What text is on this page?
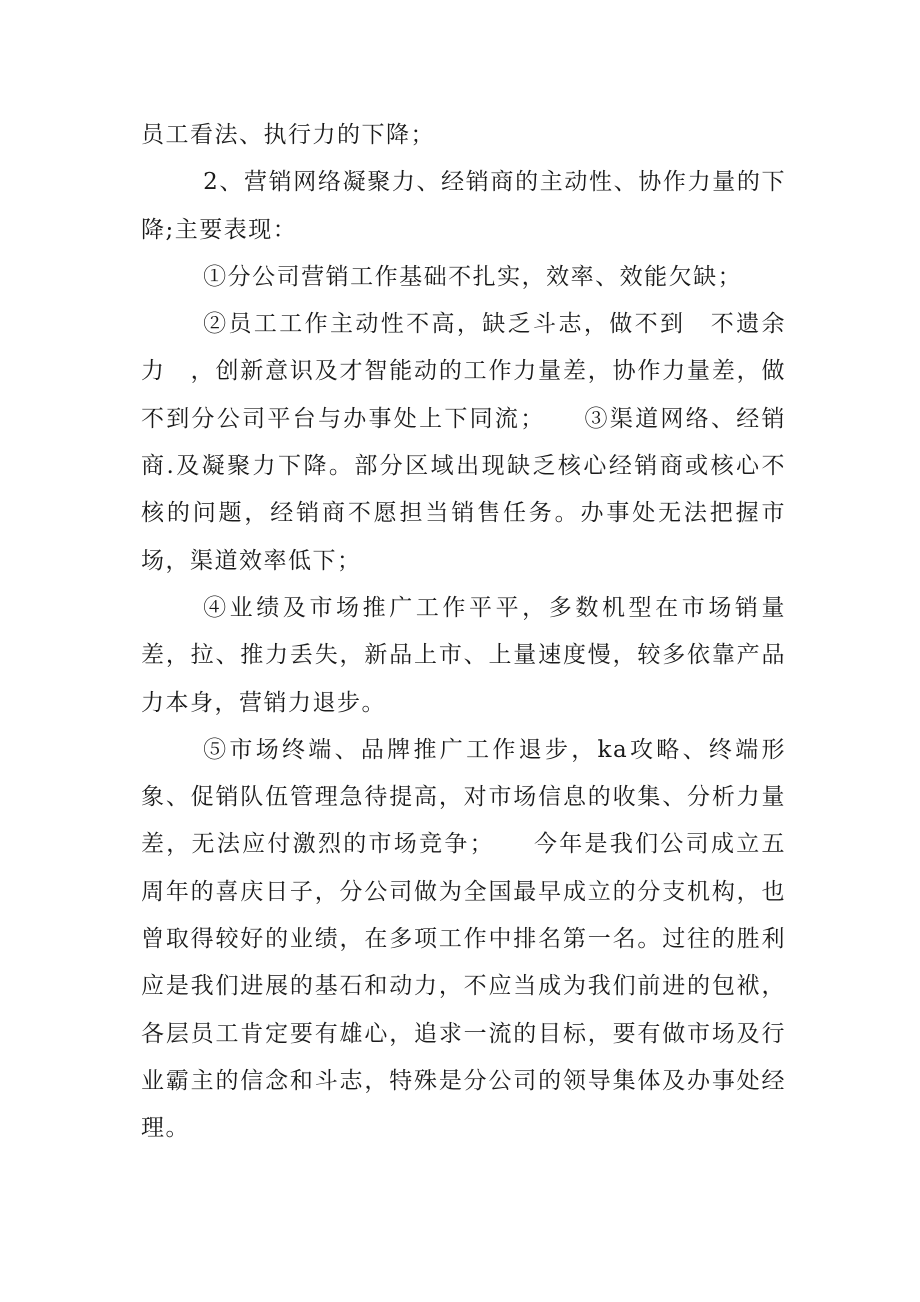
员工看法、执行力的下降；

2、营销网络凝聚力、经销商的主动性、协作力量的下降;主要表现：

①分公司营销工作基础不扎实，效率、效能欠缺；

②员工工作主动性不高，缺乏斗志，做不到　不遗余力　，创新意识及才智能动的工作力量差，协作力量差，做不到分公司平台与办事处上下同流；　　③渠道网络、经销商.及凝聚力下降。部分区域出现缺乏核心经销商或核心不核的问题，经销商不愿担当销售任务。办事处无法把握市场，渠道效率低下；

④业绩及市场推广工作平平，多数机型在市场销量差，拉、推力丢失，新品上市、上量速度慢，较多依靠产品力本身，营销力退步。

⑤市场终端、品牌推广工作退步，ka攻略、终端形象、促销队伍管理急待提高，对市场信息的收集、分析力量差，无法应付激烈的市场竞争；　　今年是我们公司成立五周年的喜庆日子，分公司做为全国最早成立的分支机构，也曾取得较好的业绩，在多项工作中排名第一名。过往的胜利应是我们进展的基石和动力，不应当成为我们前进的包袱，各层员工肯定要有雄心，追求一流的目标，要有做市场及行业霸主的信念和斗志，特殊是分公司的领导集体及办事处经理。
